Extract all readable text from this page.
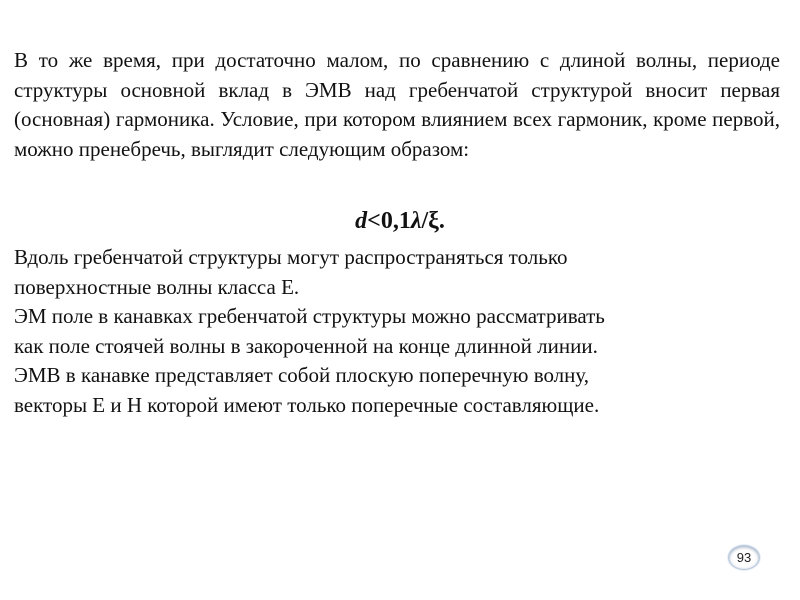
В то же время, при достаточно малом, по сравнению с длиной волны, периоде структуры основной вклад в ЭМВ над гребенчатой структурой вносит первая (основная) гармоника. Условие, при котором влиянием всех гармоник, кроме первой, можно пренебречь, выглядит следующим образом:
d<0,1λ/ξ.

Вдоль гребенчатой структуры могут распространяться только

поверхностные волны класса Е.

ЭМ поле в канавках гребенчатой структуры можно рассматривать

как поле стоячей волны в закороченной на конце длинной линии.

ЭМВ в канавке представляет собой плоскую поперечную волну,

векторы Е и Н которой имеют только поперечные составляющие.

93
